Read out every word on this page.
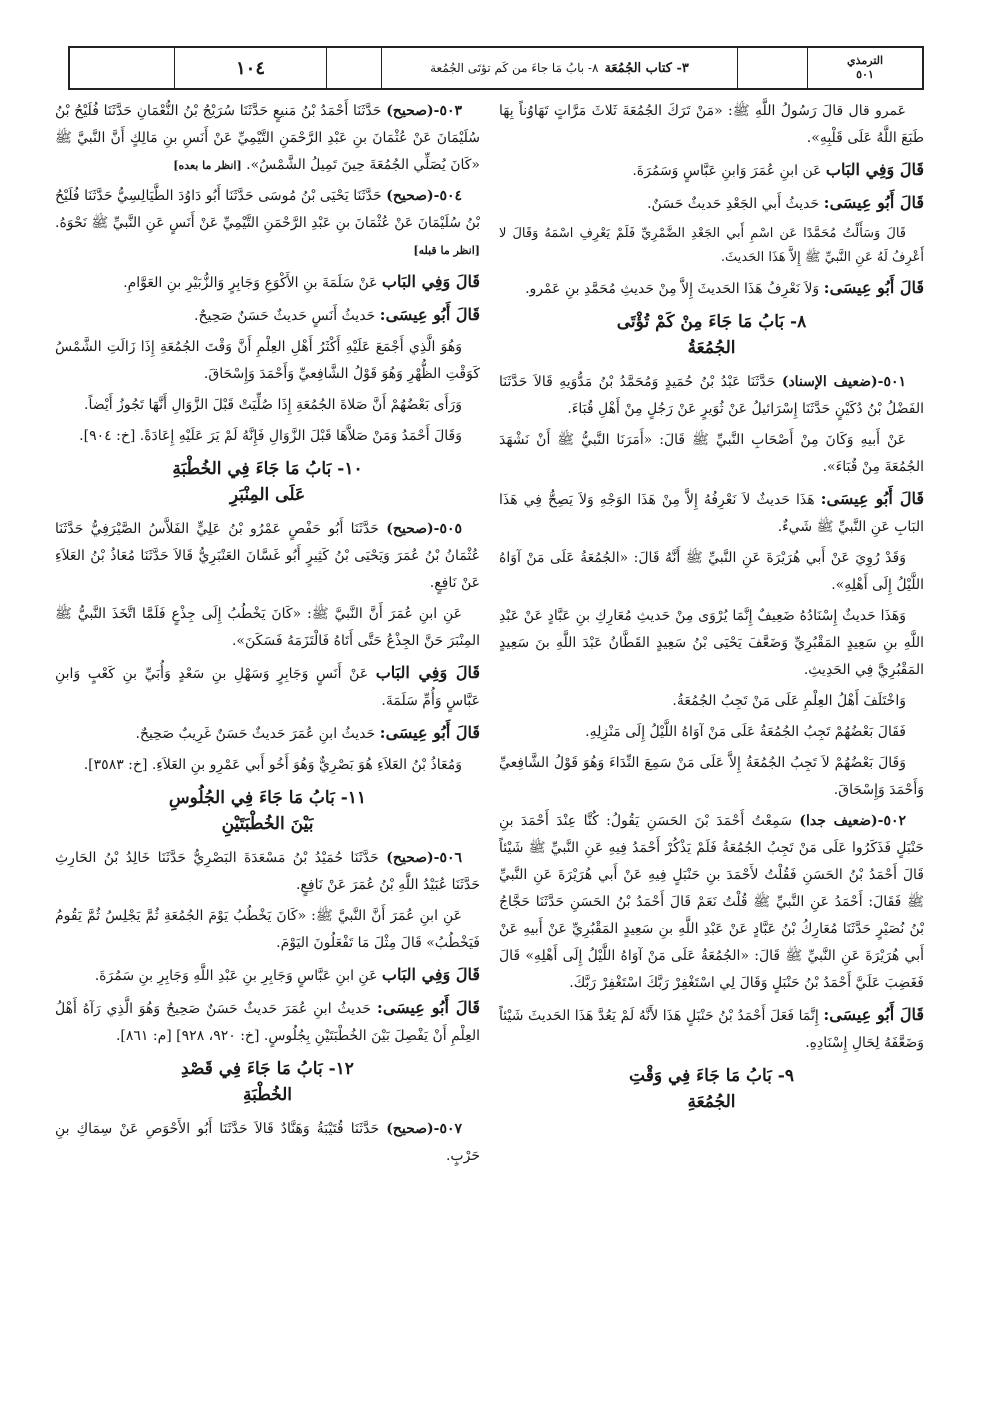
الترمذي
٥٠١
٣- كتاب الجُمُعَة
٨- بابُ مَا جاءَ من كَم تؤتَى الجُمُعة
١٠٤

عَمرو قال قالَ رَسُولُ اللَّهِ ﷺ: «مَنْ تَرَكَ الجُمُعَةَ ثَلاثَ مَرَّاتٍ تَهَاوُناً بِهَا طَبَعَ اللَّهُ عَلَى قَلْبِهِ».

قَالَ وَفِي البَاب عَن ابنِ عُمَرَ وَابنِ عَبَّاسٍ وَسَمُرَةَ.

قَالَ أَبُو عِيسَى: حَديثُ أَبي الجَعْدِ حَديثٌ حَسَنٌ.

قَالَ وَسَأَلْتُ مُحَمَّدًا عَن اسْمِ أَبي الجَعْدِ الضَّمْرِيِّ فَلَمْ يَعْرِفِ اسْمَهُ وَقَالَ لا أَعْرِفُ لَهُ عَنِ النَّبيِّ ﷺ إِلاَّ هَذَا الحَديثَ.

قَالَ أَبُو عِيسَى: وَلاَ نَعْرِفُ هَذَا الحَديثَ إِلاَّ مِنْ حَديثِ مُحَمَّدِ بنِ عَمْرو.

٨- بَابُ مَا جَاءَ مِنْ كَمْ تُؤْتَى
الجُمُعَةُ

٥٠١-(ضعيف الإسناد) حَدَّثَنَا عَبْدُ بْنُ حُمَيدٍ وَمُحَمَّدُ بْنُ مَدُّوَيهِ قَالاَ حَدَّثَنَا الفَضْلُ بْنُ دُكَيْنٍ حَدَّثَنَا إِسْرَائيلُ عَنْ ثُوَيرٍ عَنْ رَجُلٍ مِنْ أَهْلِ قُبَاءَ.

عَنْ أَبيهِ وَكَانَ مِنْ أَصْحَابِ النَّبيِّ ﷺ قَالَ: «أَمَرَنَا النَّبيُّ ﷺ أَنْ نَشْهَدَ الجُمُعَةَ مِنْ قُبَاءَ».

قَالَ أَبُو عِيسَى: هَذَا حَديثٌ لاَ نَعْرِفُهُ إِلاَّ مِنْ هَذَا الوَجْهِ وَلاَ يَصِحُّ فِي هَذَا البَابِ عَنِ النَّبيِّ ﷺ شَيءٌ.

وَقَدْ رُوِيَ عَنْ أَبي هُرَيْرَةَ عَنِ النَّبيِّ ﷺ أَنَّهُ قَالَ: «الجُمُعَةُ عَلَى مَنْ آوَاهُ اللَّيْلُ إِلَى أَهْلِهِ».

وَهَذَا حَديثٌ إِسْنَادُهُ ضَعِيفٌ إِنَّمَا يُرْوَى مِنْ حَديثِ مُعَارِكِ بنِ عَبَّادٍ عَنْ عَبْدِ اللَّهِ بنِ سَعِيدٍ المَقْبُرِيِّ وَضَعَّفَ يَحْيَى بْنُ سَعِيدٍ القَطَّانُ عَبْدَ اللَّهِ بنَ سَعِيدٍ المَقْبُرِيَّ فِي الحَدِيثِ.

وَاخْتَلَفَ أَهْلُ العِلْمِ عَلَى مَنْ تَجِبُ الجُمُعَةُ.

فَقَالَ بَعْضُهُمْ تَجِبُ الجُمُعَةُ عَلَى مَنْ آوَاهُ اللَّيْلُ إِلَى مَنْزِلِهِ.

وَقَالَ بَعْضُهُمْ لاَ تَجِبُ الجُمُعَةُ إِلاَّ عَلَى مَنْ سَمِعَ النِّدَاءَ وَهُوَ قَوْلُ الشَّافِعيِّ وَأَحْمَدَ وَإِسْحَاقَ.

٥٠٢-(ضعيف جدا) سَمِعْتُ أَحْمَدَ بْنَ الحَسَنِ يَقُولُ: كُنَّا عِنْدَ أَحْمَدَ بنِ حَنْبَلٍ فَذَكَرُوا عَلَى مَنْ تَجِبُ الجُمُعَةُ فَلَمْ يَذْكُرْ أَحْمَدُ فِيهِ عَنِ النَّبيِّ ﷺ شَيْئاً قَالَ أَحْمَدُ بْنُ الحَسَنِ فَقُلْتُ لأَحْمَدَ بنِ حَنْبَلٍ فِيهِ عَنْ أَبي هُرَيْرَةَ عَنِ النَّبيِّ ﷺ فَقَالَ: أَحْمَدُ عَنِ النَّبيِّ ﷺ قُلْتُ نَعَمْ قَالَ أَحْمَدُ بْنُ الحَسَنِ حَدَّثَنَا حَجَّاجُ بْنُ نُصَيْرٍ حَدَّثَنَا مُعَارِكُ بْنُ عَبَّادٍ عَنْ عَبْدِ اللَّهِ بنِ سَعِيدٍ المَقْبُرِيِّ عَنْ أَبيهِ عَنْ أَبي هُرَيْرَةَ عَنِ النَّبيِّ ﷺ قَالَ: «الجُمُعَةُ عَلَى مَنْ آوَاهُ اللَّيْلُ إِلَى أَهْلِهِ» قَالَ فَغَضِبَ عَلَيَّ أَحْمَدُ بْنُ حَنْبَلٍ وَقَالَ لِي اسْتَغْفِرْ رَبَّكَ اسْتَغْفِرْ رَبَّكَ.

قَالَ أَبُو عِيسَى: إِنَّمَا فَعَلَ أَحْمَدُ بْنُ حَنْبَلٍ هَذَا لأَنَّهُ لَمْ يَعُدَّ هَذَا الحَديثَ شَيْئاً وَضَعَّفَهُ لِحَالِ إِسْنَادِهِ.

٩- بَابُ مَا جَاءَ فِي وَقْتِ
الجُمُعَةِ

٥٠٣-(صحيح) حَدَّثَنَا أَحْمَدُ بْنُ مَنيعٍ حَدَّثَنَا سُرَيْجُ بْنُ النُّعْمَانِ حَدَّثَنَا فُلَيْحُ بْنُ سُلَيْمَانَ عَنْ عُثْمَانَ بنِ عَبْدِ الرَّحْمَنِ التَّيْمِيِّ عَنْ أَنَسِ بنِ مَالِكٍ أَنَّ النَّبيَّ ﷺ «كَانَ يُصَلِّي الجُمُعَةَ حِينَ تَمِيلُ الشَّمْسُ». [انظر ما بعده]

٥٠٤-(صحيح) حَدَّثَنَا يَحْيَى بْنُ مُوسَى حَدَّثَنَا أَبُو دَاوُدَ الطَّيَالِسِيُّ حَدَّثَنَا فُلَيْحُ بْنُ سُلَيْمَانَ عَنْ عُثْمَانَ بنِ عَبْدِ الرَّحْمَنِ التَّيْمِيِّ عَنْ أَنَسٍ عَنِ النَّبيِّ ﷺ نَحْوَهُ. [انظر ما قبله]

قَالَ وَفِي البَاب عَنْ سَلَمَةَ بنِ الأَكْوَعِ وَجَابِرٍ وَالزُّبَيْرِ بنِ العَوَّامِ.

قَالَ أَبُو عِيسَى: حَديثُ أَنَسٍ حَديثٌ حَسَنٌ صَحِيحٌ.

وَهُوَ الَّذِي أَجْمَعَ عَلَيْهِ أَكْثَرُ أَهْلِ العِلْمِ أَنَّ وَقْتَ الجُمُعَةِ إِذَا زَالَتِ الشَّمْسُ كَوَقْتِ الظُّهْرِ وَهُوَ قَوْلُ الشَّافِعيِّ وَأَحْمَدَ وَإِسْحَاقَ.

وَرَأَى بَعْضُهُمْ أَنَّ صَلاةَ الجُمُعَةِ إِذَا صُلِّيَتْ قَبْلَ الزَّوَالِ أَنَّهَا تَجُوزُ أَيْضاً.

وَقَالَ أَحْمَدُ وَمَنْ صَلاَّهَا قَبْلَ الزَّوَالِ فَإِنَّهُ لَمْ يَرَ عَلَيْهِ إِعَادَةً. [خ: ٩٠٤].

١٠- بَابُ مَا جَاءَ فِي الخُطْبَةِ
عَلَى المِنْبَرِ

٥٠٥-(صحيح) حَدَّثَنَا أَبُو حَفْصٍ عَمْرُو بْنُ عَلِيٍّ الفَلاَّسُ الصَّيْرَفِيُّ حَدَّثَنَا عُثْمَانُ بْنُ عُمَرَ وَيَحْيَى بْنُ كَثِيرٍ أَبُو غَسَّانَ العَنْبَرِيُّ قَالاَ حَدَّثَنَا مُعَاذُ بْنُ العَلاَءِ عَنْ نَافِعٍ.

عَنِ ابنِ عُمَرَ أَنَّ النَّبيَّ ﷺ: «كَانَ يَخْطُبُ إِلَى جِذْعٍ فَلَمَّا اتَّخَذَ النَّبيُّ ﷺ المِنْبَرَ حَنَّ الجِذْعُ حَتَّى أَتَاهُ فَالْتَزَمَهُ فَسَكَنَ».

قَالَ وَفِي البَاب عَنْ أَنَسٍ وَجَابِرٍ وَسَهْلِ بنِ سَعْدٍ وَأُبَيِّ بنِ كَعْبٍ وَابنِ عَبَّاسٍ وَأُمِّ سَلَمَةَ.

قَالَ أَبُو عِيسَى: حَديثُ ابنِ عُمَرَ حَديثٌ حَسَنٌ غَرِيبٌ صَحِيحٌ.

وَمُعَاذُ بْنُ العَلاَءِ هُوَ بَصْرِيٌّ وَهُوَ أَخُو أَبي عَمْرِو بنِ العَلاَءِ. [خ: ٣٥٨٣].

١١- بَابُ مَا جَاءَ فِي الجُلُوسِ
بَيْنَ الخُطْبَتَيْنِ

٥٠٦-(صحيح) حَدَّثَنَا حُمَيْدُ بْنُ مَسْعَدَةَ البَصْرِيُّ حَدَّثَنَا خَالِدُ بْنُ الحَارِثِ حَدَّثَنَا عُبَيْدُ اللَّهِ بْنُ عُمَرَ عَنْ نَافِعٍ.

عَنِ ابنِ عُمَرَ أَنَّ النَّبيَّ ﷺ: «كَانَ يَخْطُبُ يَوْمَ الجُمُعَةِ ثُمَّ يَجْلِسُ ثُمَّ يَقُومُ فَيَخْطُبُ» قَالَ مِثْلَ مَا تَفْعَلُونَ اليَوْمَ.

قَالَ وَفِي البَاب عَنِ ابنِ عَبَّاسٍ وَجَابِرِ بنِ عَبْدِ اللَّهِ وَجَابِرِ بنِ سَمُرَةَ.

قَالَ أَبُو عِيسَى: حَديثُ ابنِ عُمَرَ حَديثٌ حَسَنٌ صَحِيحٌ وَهُوَ الَّذِي رَآهُ أَهْلُ العِلْمِ أَنْ يَفْصِلَ بَيْنَ الخُطْبَتَيْنِ بِجُلُوسٍ. [خ: ٩٢٠، ٩٢٨] [م: ٨٦١].

١٢- بَابُ مَا جَاءَ فِي قَصْدِ
الخُطْبَةِ

٥٠٧-(صحيح) حَدَّثَنَا قُتَيْبَةُ وَهَنَّادٌ قَالاَ حَدَّثَنَا أَبُو الأَحْوَصِ عَنْ سِمَاكِ بنِ حَرْبٍ.
